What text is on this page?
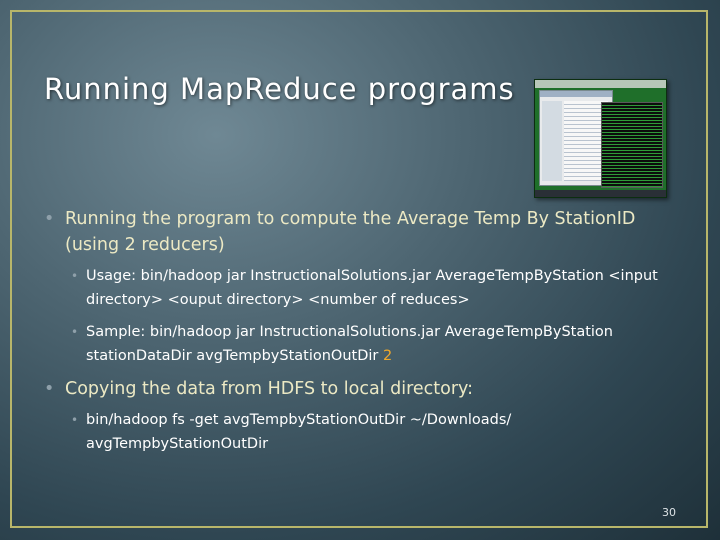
Running MapReduce programs
• Running the program to compute the Average Temp By StationID (using 2 reducers)
• Usage: bin/hadoop jar InstructionalSolutions.jar AverageTempByStation <input directory> <ouput directory> <number of reduces>
• Sample: bin/hadoop jar InstructionalSolutions.jar AverageTempByStation stationDataDir avgTempbyStationOutDir 2
• Copying the data from HDFS to local directory:
• bin/hadoop fs -get avgTempbyStationOutDir ~/Downloads/ avgTempbyStationOutDir
30
